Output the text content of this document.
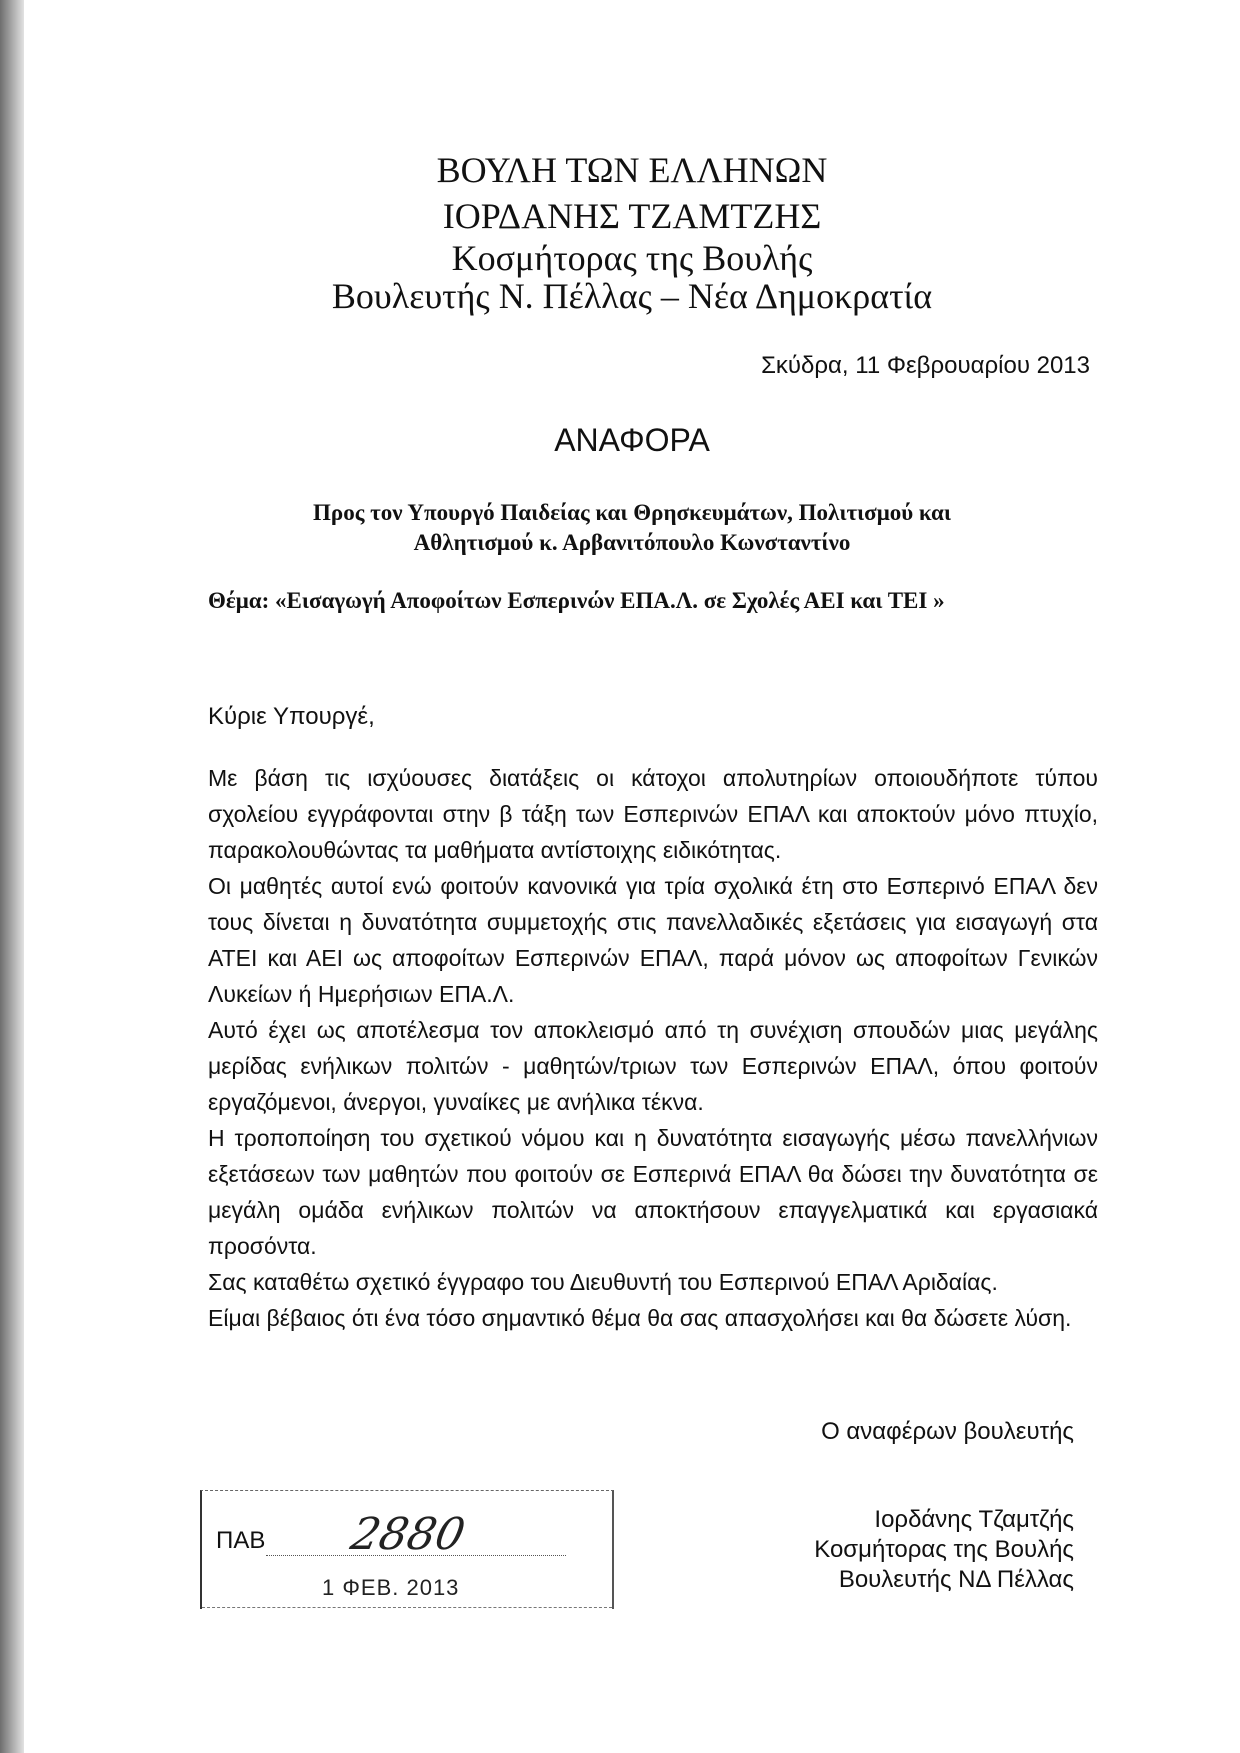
ΒΟΥΛΗ ΤΩΝ ΕΛΛΗΝΩΝ
ΙΟΡΔΑΝΗΣ ΤΖΑΜΤΖΗΣ
Κοσμήτορας της Βουλής
Βουλευτής Ν. Πέλλας – Νέα Δημοκρατία
Σκύδρα, 11 Φεβρουαρίου 2013
ΑΝΑΦΟΡΑ
Προς τον Υπουργό Παιδείας και Θρησκευμάτων, Πολιτισμού και
Αθλητισμού κ. Αρβανιτόπουλο Κωνσταντίνο
Θέμα: «Εισαγωγή Αποφοίτων Εσπερινών ΕΠΑ.Λ. σε Σχολές ΑΕΙ και ΤΕΙ »
Κύριε Υπουργέ,

Με βάση τις ισχύουσες διατάξεις οι κάτοχοι απολυτηρίων οποιουδήποτε τύπου σχολείου εγγράφονται στην β τάξη των Εσπερινών ΕΠΑΛ και αποκτούν μόνο πτυχίο, παρακολουθώντας τα μαθήματα αντίστοιχης ειδικότητας.

Οι μαθητές αυτοί ενώ φοιτούν κανονικά για τρία σχολικά έτη στο Εσπερινό ΕΠΑΛ δεν τους δίνεται η δυνατότητα συμμετοχής στις πανελλαδικές εξετάσεις για εισαγωγή στα ΑΤΕΙ και ΑΕΙ ως αποφοίτων Εσπερινών ΕΠΑΛ, παρά μόνον ως αποφοίτων Γενικών Λυκείων ή Ημερήσιων ΕΠΑ.Λ.

Αυτό έχει ως αποτέλεσμα τον αποκλεισμό από τη συνέχιση σπουδών μιας μεγάλης μερίδας ενήλικων πολιτών - μαθητών/τριων των Εσπερινών ΕΠΑΛ, όπου φοιτούν εργαζόμενοι, άνεργοι, γυναίκες με ανήλικα τέκνα.

Η τροποποίηση του σχετικού νόμου και η δυνατότητα εισαγωγής μέσω πανελλήνιων εξετάσεων των μαθητών που φοιτούν σε Εσπερινά ΕΠΑΛ θα δώσει την δυνατότητα σε μεγάλη ομάδα ενήλικων πολιτών να αποκτήσουν επαγγελματικά και εργασιακά προσόντα.

Σας καταθέτω σχετικό έγγραφο του Διευθυντή του Εσπερινού ΕΠΑΛ Αριδαίας.

Είμαι βέβαιος ότι ένα τόσο σημαντικό θέμα θα σας απασχολήσει και θα δώσετε λύση.

Ο αναφέρων βουλευτής
Ιορδάνης Τζαμτζής
Κοσμήτορας της Βουλής
Βουλευτής ΝΔ Πέλλας
ΠΑΒ 2880
1 ΦΕΒ. 2013
